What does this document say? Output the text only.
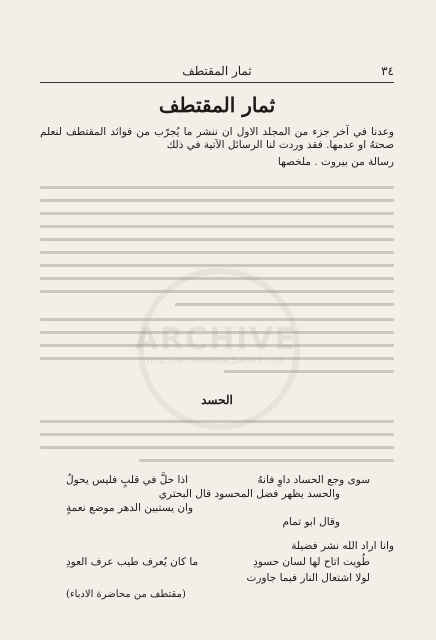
ARCHIVE
http://Archivebeta.Sakhrit.com
٣٤
ثمار المقتطف
ثمار المقتطف
وعدنا في آخر جزء من المجلد الاول ان ننشر ما يُجرّب من فوائد المقتطف لنعلم صحتهُ او عدمها. فقد وردت لنا الرسائل الآتية في ذلك
رسالة من بيروت . ملخصها
الحسد
سوى وجع الحساد داوِ فانهُ
اذا حلَّ في قلبٍ فليس يحولُ
والحسد يظهر فضل المحسود قال البحتري
وان يستبين الدهر موضع نعمةٍ
وقال ابو تمام
وانا اراد الله نشر فضيلة
طُويت اتاح لها لسان حسودِ
ما كان يُعرف طيب عرف العودِ
لولا اشتعال النار فيما جاورت
(مقتطف من محاضرة الادباء)
